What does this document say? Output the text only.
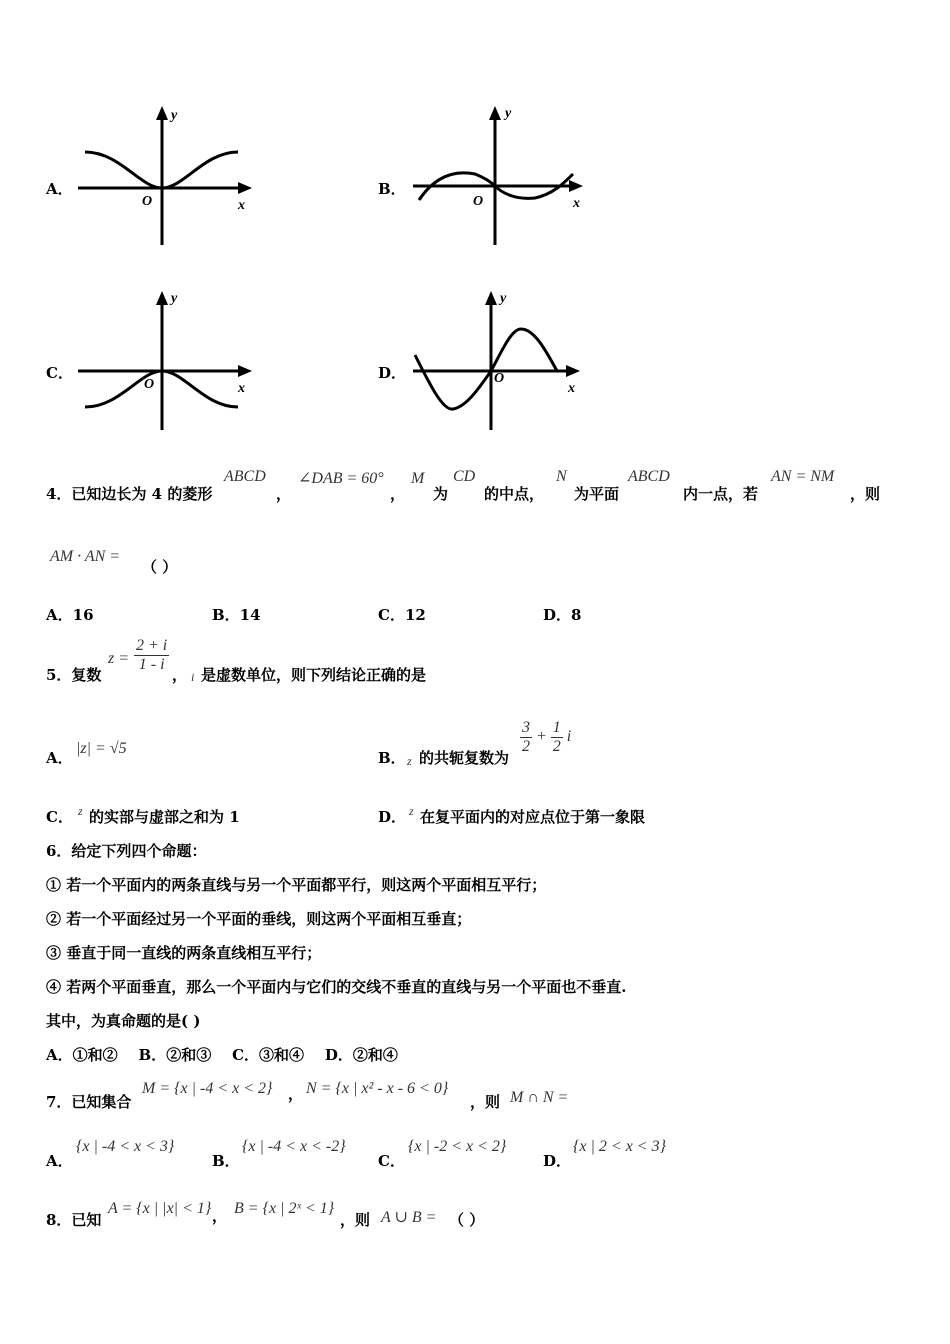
A．
y
x
O
B．
y
x
O
C．
y
x
O
D．
y
x
O
4．已知边长为 4 的菱形
ABCD
，
∠DAB = 60°
，
M
为
CD
的中点，
N
为平面
ABCD
内一点，若
AN = NM
，则
AM · AN =
（ ）
A．16	B．14	C．12	D．8
5．复数
$z = \frac{2 + i}{1 - i}$
， i 是虚数单位，则下列结论正确的是
A．
|z| = √5
B． z 的共轭复数为
$\frac{3}{2} + \frac{1}{2}$ i
C． z 的实部与虚部之和为 1	D． z 在复平面内的对应点位于第一象限
6．给定下列四个命题：
① 若一个平面内的两条直线与另一个平面都平行，则这两个平面相互平行；
② 若一个平面经过另一个平面的垂线，则这两个平面相互垂直；
③ 垂直于同一直线的两条直线相互平行；
④ 若两个平面垂直，那么一个平面内与它们的交线不垂直的直线与另一个平面也不垂直.
其中，为真命题的是( )
A．①和②    B．②和③    C．③和④    D．②和④
7．已知集合
M = {x | -4 < x < 2} ， N = {x | x² - x - 6 < 0}
，则 M ∩ N =
A．
{x | -4 < x < 3}
B．
{x | -4 < x < -2}
C．
{x | -2 < x < 2}
D．
{x | 2 < x < 3}
8．已知
A = {x | |x| < 1} ， B = {x | 2ˣ < 1}
，则 A ∪ B = （ ）
